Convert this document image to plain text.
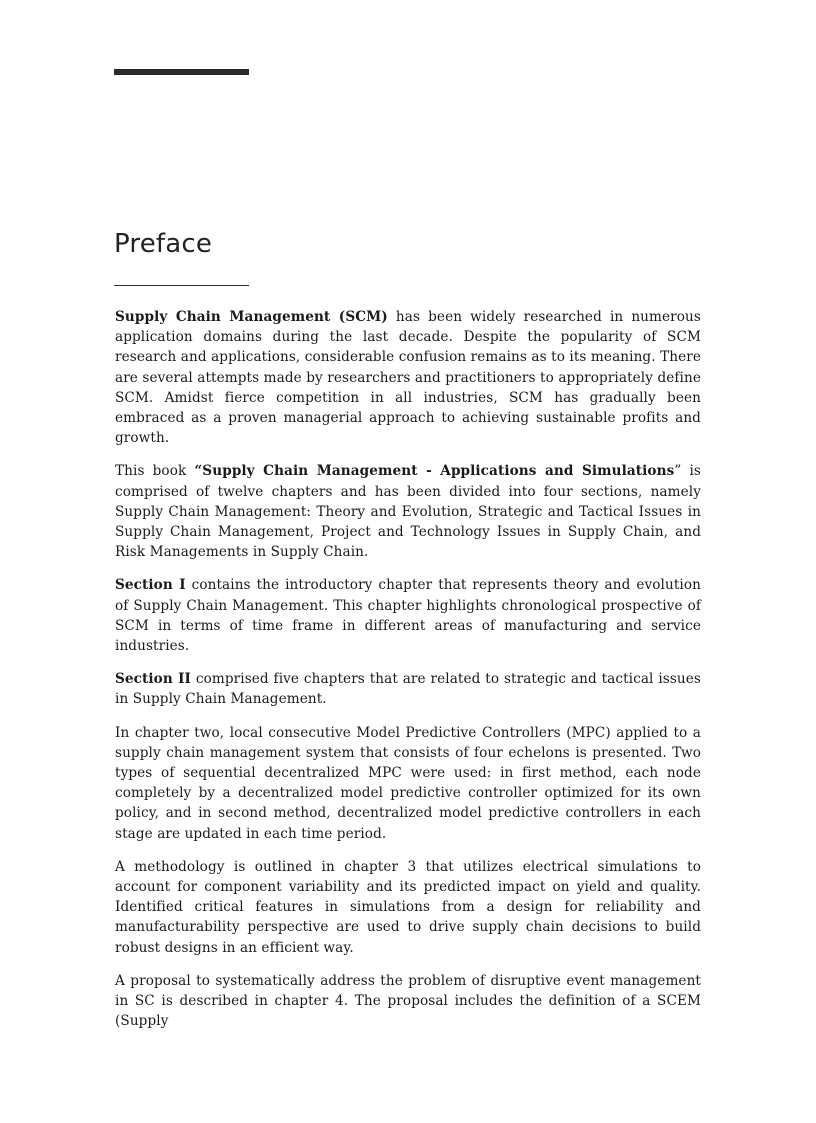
Preface

Supply Chain Management (SCM) has been widely researched in numerous application domains during the last decade. Despite the popularity of SCM research and applications, considerable confusion remains as to its meaning. There are several attempts made by researchers and practitioners to appropriately define SCM. Amidst fierce competition in all industries, SCM has gradually been embraced as a proven managerial approach to achieving sustainable profits and growth.

This book “Supply Chain Management - Applications and Simulations” is comprised of twelve chapters and has been divided into four sections, namely Supply Chain Management: Theory and Evolution, Strategic and Tactical Issues in Supply Chain Management, Project and Technology Issues in Supply Chain, and Risk Managements in Supply Chain.

Section I contains the introductory chapter that represents theory and evolution of Supply Chain Management. This chapter highlights chronological prospective of SCM in terms of time frame in different areas of manufacturing and service industries.

Section II comprised five chapters that are related to strategic and tactical issues in Supply Chain Management.

In chapter two, local consecutive Model Predictive Controllers (MPC) applied to a supply chain management system that consists of four echelons is presented. Two types of sequential decentralized MPC were used: in first method, each node completely by a decentralized model predictive controller optimized for its own policy, and in second method, decentralized model predictive controllers in each stage are updated in each time period.

A methodology is outlined in chapter 3 that utilizes electrical simulations to account for component variability and its predicted impact on yield and quality. Identified critical features in simulations from a design for reliability and manufacturability perspective are used to drive supply chain decisions to build robust designs in an efficient way.

A proposal to systematically address the problem of disruptive event management in SC is described in chapter 4. The proposal includes the definition of a SCEM (Supply
